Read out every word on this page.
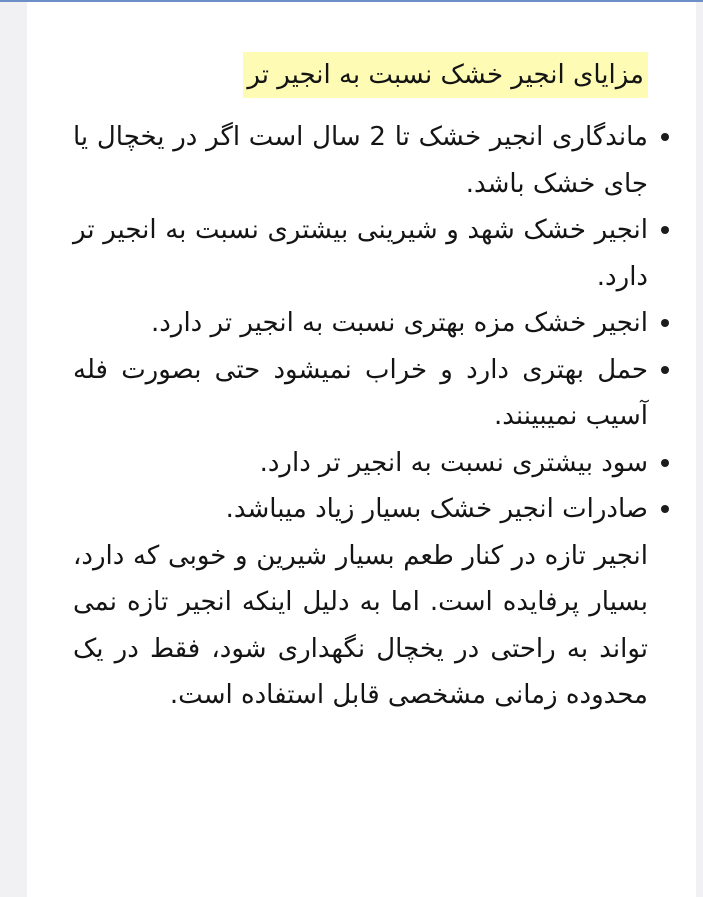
مزایای انجیر خشک نسبت به انجیر تر
ماندگاری انجیر خشک تا 2 سال است اگر در یخچال یا جای خشک باشد.
انجیر خشک شهد و شیرینی بیشتری نسبت به انجیر تر دارد.
انجیر خشک مزه بهتری نسبت به انجیر تر دارد.
حمل بهتری دارد و خراب نمیشود حتی بصورت فله آسیب نمیبینند.
سود بیشتری نسبت به انجیر تر دارد.
صادرات انجیر خشک بسیار زیاد میباشد.

انجیر تازه در کنار طعم بسیار شیرین و خوبی که دارد، بسیار پرفایده است. اما به دلیل اینکه انجیر تازه نمی تواند به راحتی در یخچال نگهداری شود، فقط در یک محدوده زمانی مشخصی قابل استفاده است.
